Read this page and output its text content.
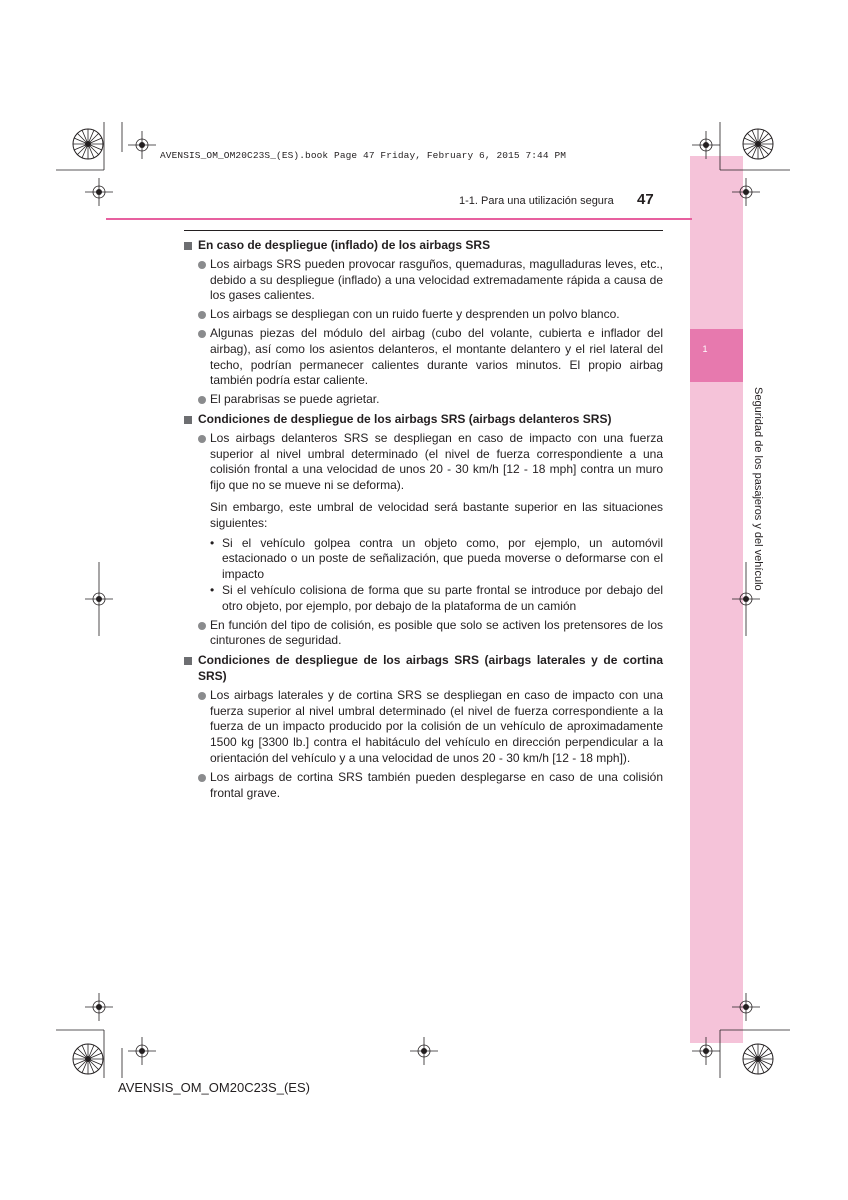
1
Seguridad de los pasajeros y del vehículo
AVENSIS_OM_OM20C23S_(ES).book Page 47 Friday, February 6, 2015 7:44 PM
1-1. Para una utilización segura 47
En caso de despliegue (inflado) de los airbags SRS
Los airbags SRS pueden provocar rasguños, quemaduras, magulladuras leves, etc., debido a su despliegue (inflado) a una velocidad extremadamente rápida a causa de los gases calientes.
Los airbags se despliegan con un ruido fuerte y desprenden un polvo blanco.
Algunas piezas del módulo del airbag (cubo del volante, cubierta e inflador del airbag), así como los asientos delanteros, el montante delantero y el riel lateral del techo, podrían permanecer calientes durante varios minutos. El propio airbag también podría estar caliente.
El parabrisas se puede agrietar.
Condiciones de despliegue de los airbags SRS (airbags delanteros SRS)
Los airbags delanteros SRS se despliegan en caso de impacto con una fuerza superior al nivel umbral determinado (el nivel de fuerza correspondiente a una colisión frontal a una velocidad de unos 20 - 30 km/h [12 - 18 mph] contra un muro fijo que no se mueve ni se deforma).
Sin embargo, este umbral de velocidad será bastante superior en las situaciones siguientes:
• Si el vehículo golpea contra un objeto como, por ejemplo, un automóvil estacionado o un poste de señalización, que pueda moverse o deformarse con el impacto
• Si el vehículo colisiona de forma que su parte frontal se introduce por debajo del otro objeto, por ejemplo, por debajo de la plataforma de un camión
En función del tipo de colisión, es posible que solo se activen los pretensores de los cinturones de seguridad.
Condiciones de despliegue de los airbags SRS (airbags laterales y de cortina SRS)
Los airbags laterales y de cortina SRS se despliegan en caso de impacto con una fuerza superior al nivel umbral determinado (el nivel de fuerza correspondiente a la fuerza de un impacto producido por la colisión de un vehículo de aproximadamente 1500 kg [3300 lb.] contra el habitáculo del vehículo en dirección perpendicular a la orientación del vehículo y a una velocidad de unos 20 - 30 km/h [12 - 18 mph]).
Los airbags de cortina SRS también pueden desplegarse en caso de una colisión frontal grave.
AVENSIS_OM_OM20C23S_(ES)
